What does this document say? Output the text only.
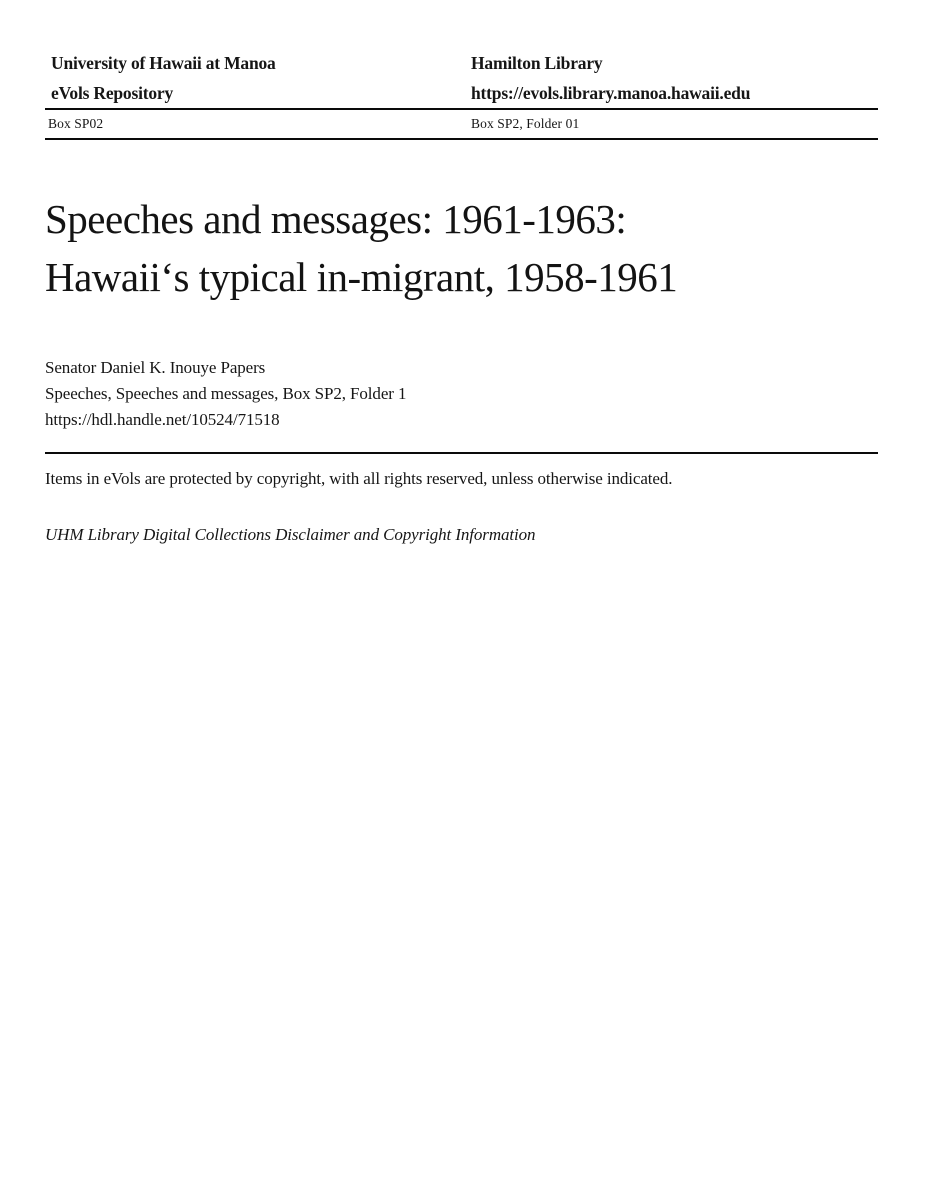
University of Hawaii at Manoa
eVols Repository
Hamilton Library
https://evols.library.manoa.hawaii.edu
Box SP02	Box SP2, Folder 01
Speeches and messages: 1961-1963:
Hawaii‘s typical in-migrant, 1958-1961
Senator Daniel K. Inouye Papers
Speeches, Speeches and messages, Box SP2, Folder 1
https://hdl.handle.net/10524/71518
Items in eVols are protected by copyright, with all rights reserved, unless otherwise indicated.
UHM Library Digital Collections Disclaimer and Copyright Information
